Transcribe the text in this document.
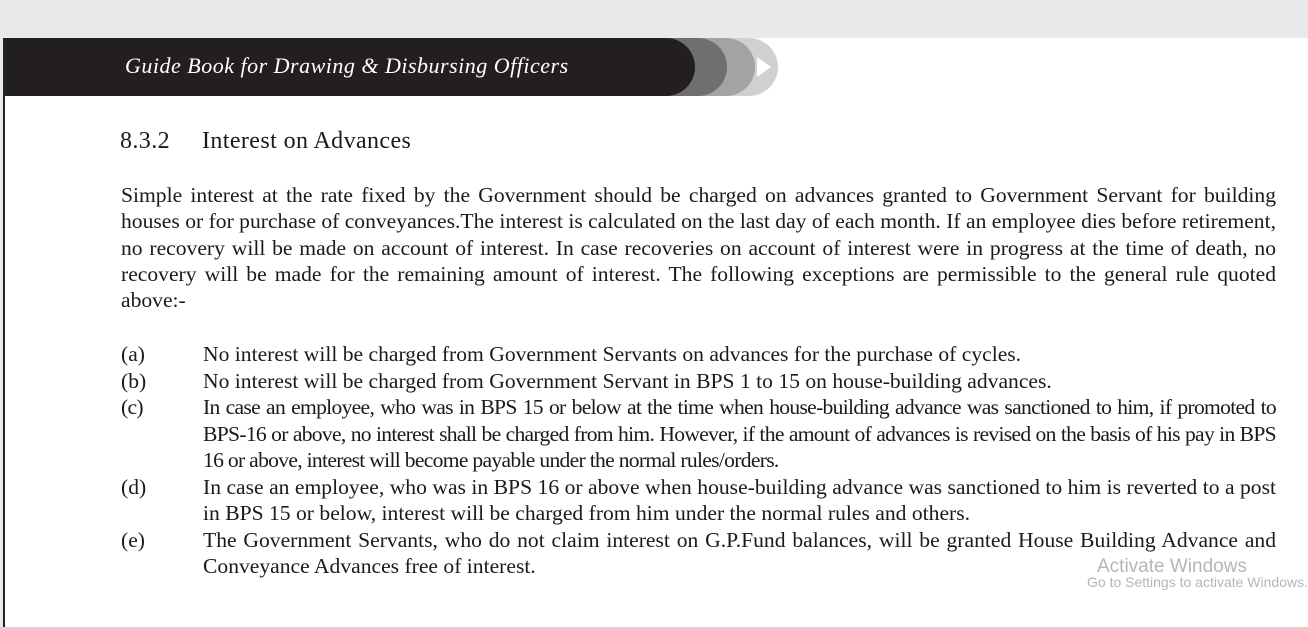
Guide Book for Drawing & Disbursing Officers
8.3.2 Interest on Advances

Simple interest at the rate fixed by the Government should be charged on advances granted to Government Servant for building houses or for purchase of conveyances.The interest is calculated on the last day of each month. If an employee dies before retirement, no recovery will be made on account of interest. In case recoveries on account of interest were in progress at the time of death, no recovery will be made for the remaining amount of interest. The following exceptions are permissible to the general rule quoted above:-

(a)	No interest will be charged from Government Servants on advances for the purchase of cycles.
(b)	No interest will be charged from Government Servant in BPS 1 to 15 on house-building advances.
(c)	In case an employee, who was in BPS 15 or below at the time when house-building advance was sanctioned to him, if promoted to BPS-16 or above, no interest shall be charged from him. However, if the amount of advances is revised on the basis of his pay in BPS 16 or above, interest will become payable under the normal rules/orders.
(d)	In case an employee, who was in BPS 16 or above when house-building advance was sanctioned to him is reverted to a post in BPS 15 or below, interest will be charged from him under the normal rules and others.
(e)	The Government Servants, who do not claim interest on G.P.Fund balances, will be granted House Building Advance and Conveyance Advances free of interest.	Activate Windows
Go to Settings to activate Windows.
